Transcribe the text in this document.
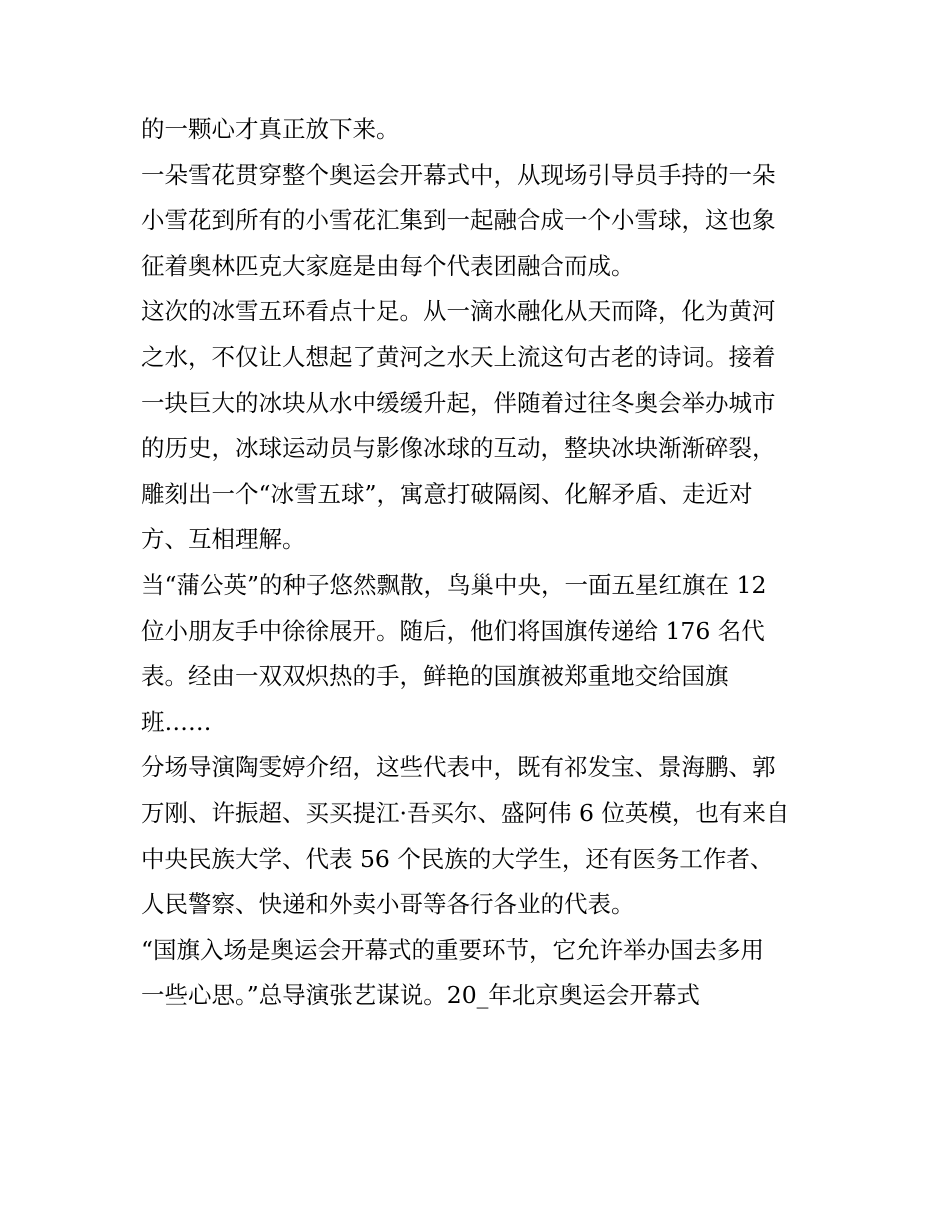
的一颗心才真正放下来。
一朵雪花贯穿整个奥运会开幕式中，从现场引导员手持的一朵
小雪花到所有的小雪花汇集到一起融合成一个小雪球，这也象
征着奥林匹克大家庭是由每个代表团融合而成。
这次的冰雪五环看点十足。从一滴水融化从天而降，化为黄河
之水，不仅让人想起了黄河之水天上流这句古老的诗词。接着
一块巨大的冰块从水中缓缓升起，伴随着过往冬奥会举办城市
的历史，冰球运动员与影像冰球的互动，整块冰块渐渐碎裂，
雕刻出一个“冰雪五球”，寓意打破隔阂、化解矛盾、走近对
方、互相理解。
当“蒲公英”的种子悠然飘散，鸟巢中央，一面五星红旗在 12
位小朋友手中徐徐展开。随后，他们将国旗传递给 176 名代
表。经由一双双炽热的手，鲜艳的国旗被郑重地交给国旗
班……
分场导演陶雯婷介绍，这些代表中，既有祁发宝、景海鹏、郭
万刚、许振超、买买提江·吾买尔、盛阿伟 6 位英模，也有来自
中央民族大学、代表 56 个民族的大学生，还有医务工作者、
人民警察、快递和外卖小哥等各行各业的代表。
“国旗入场是奥运会开幕式的重要环节，它允许举办国去多用
一些心思。”总导演张艺谋说。20_年北京奥运会开幕式
